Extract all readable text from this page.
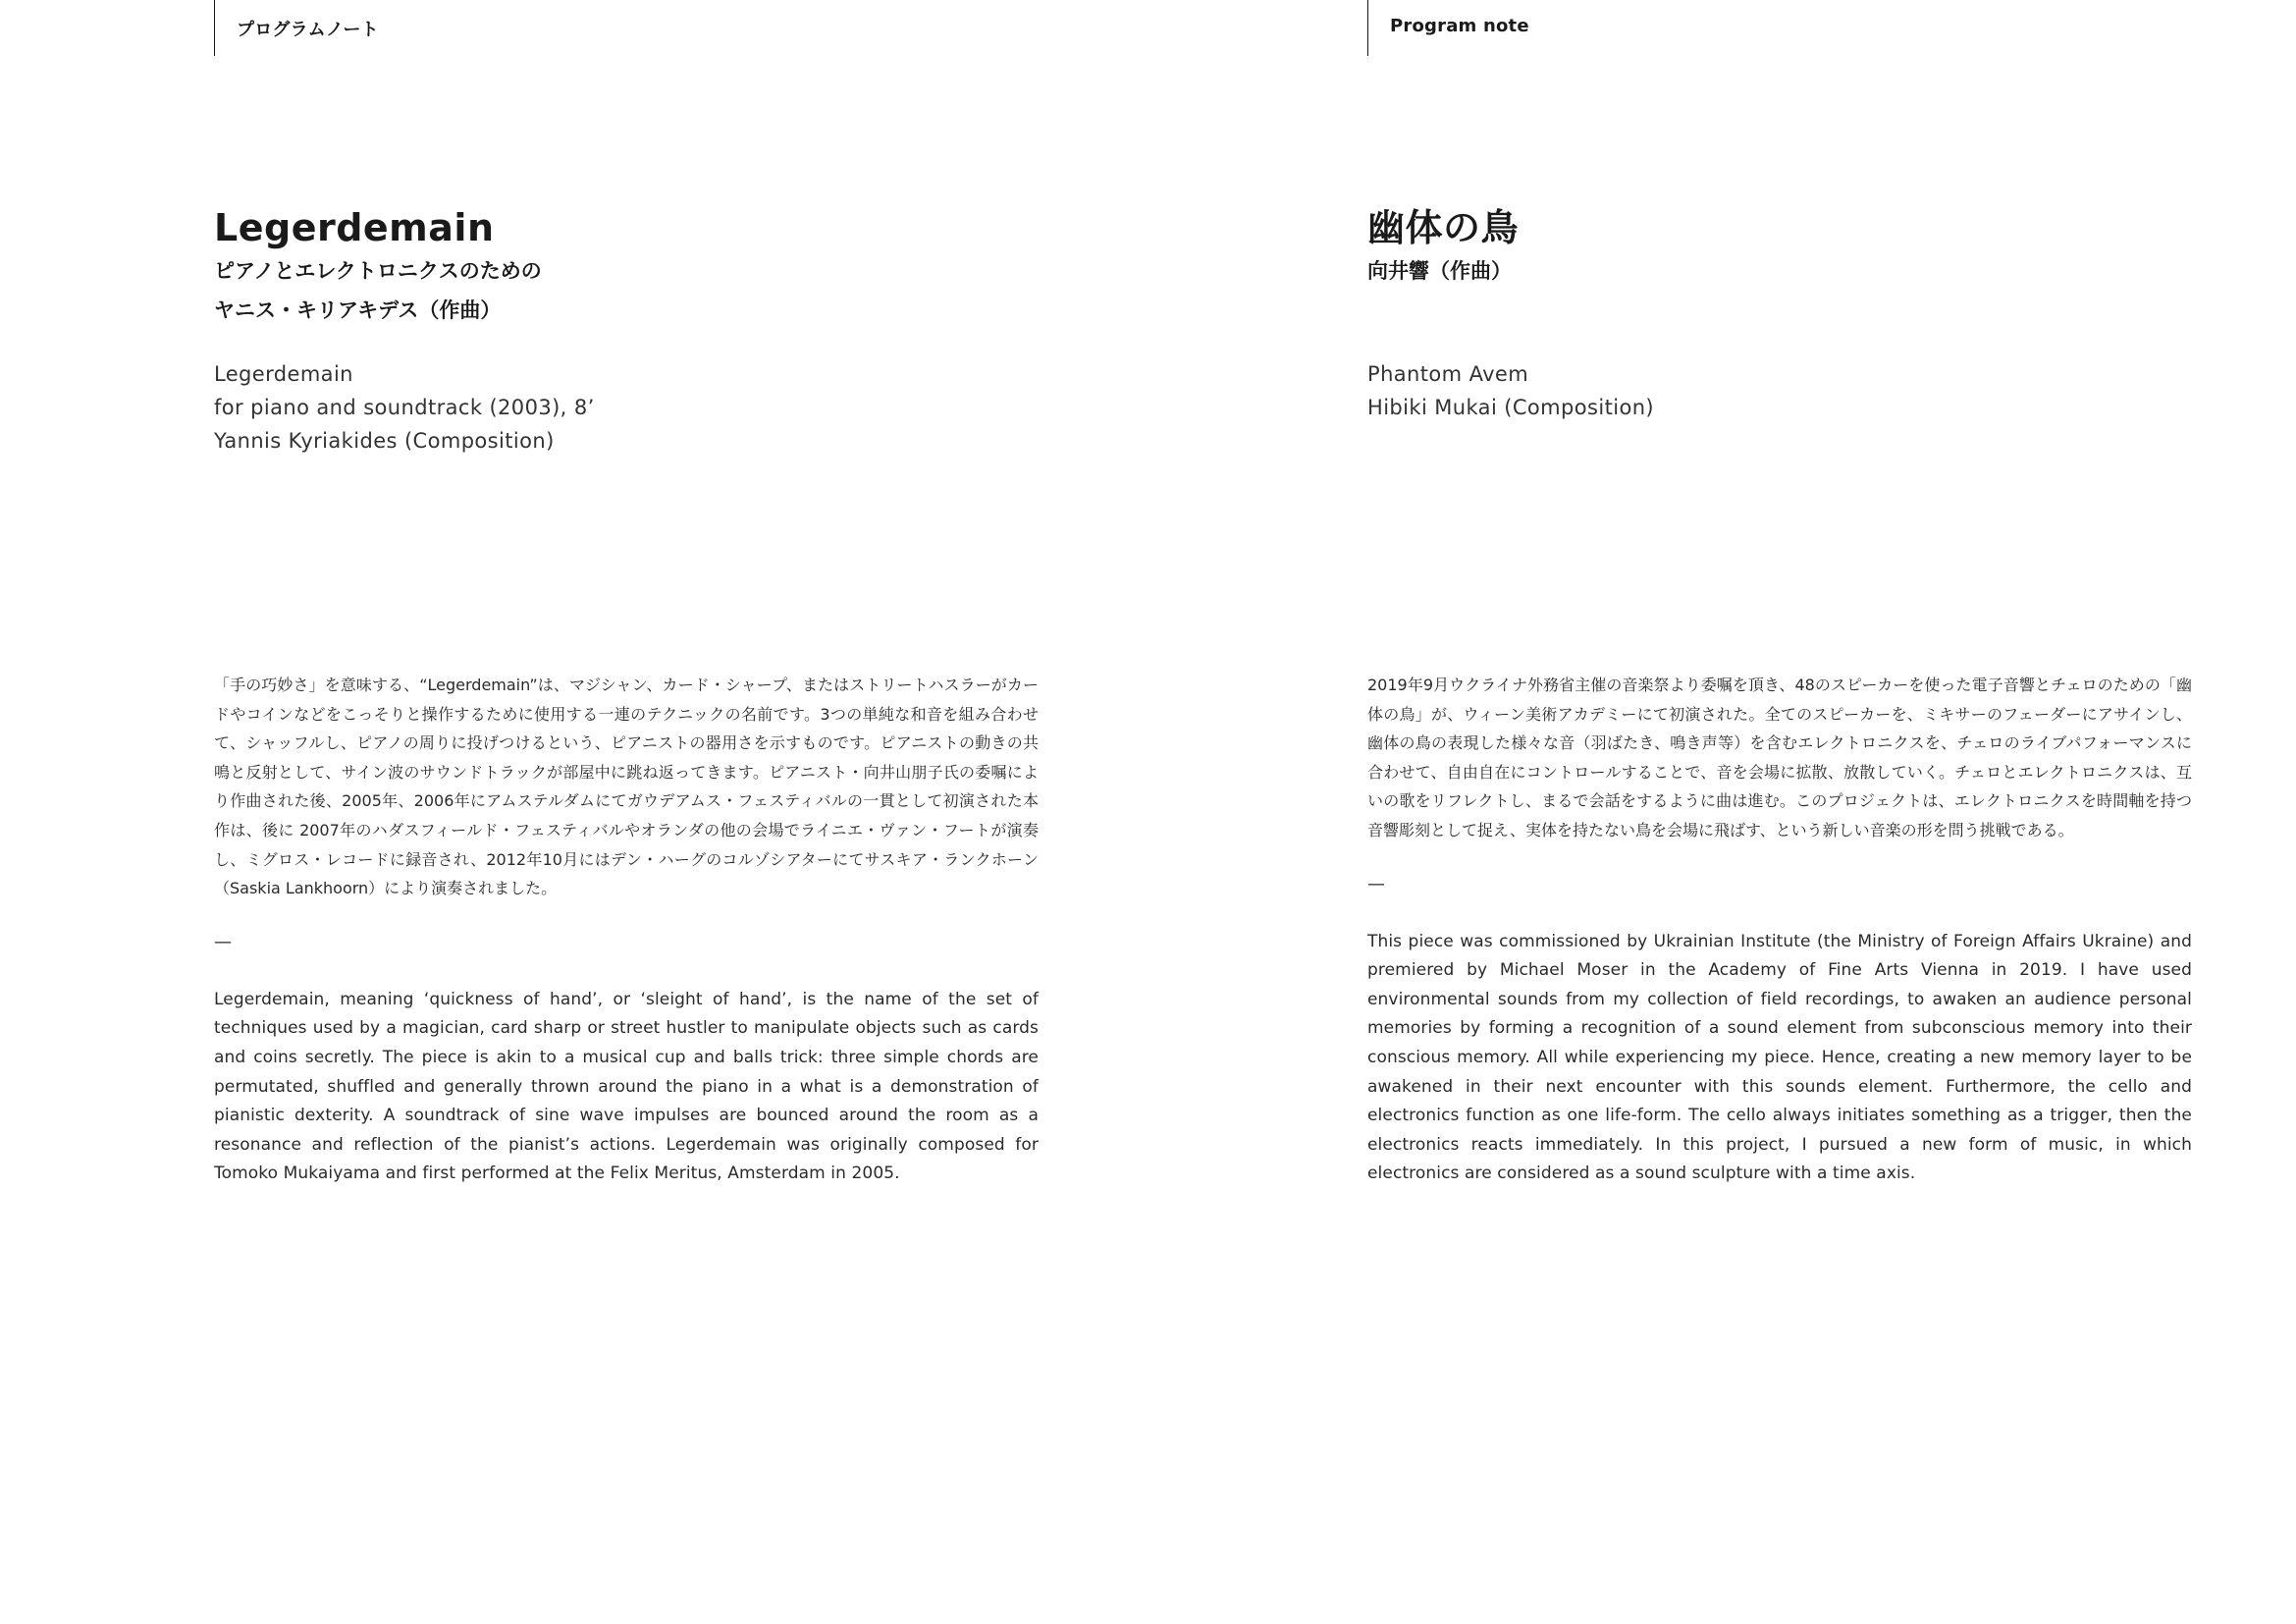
プログラムノート
Legerdemain

ピアノとエレクトロニクスのための

ヤニス・キリアキデス（作曲）

Legerdemain
for piano and soundtrack (2003), 8’
Yannis Kyriakides (Composition)

「手の巧妙さ」を意味する、“Legerdemain”は、マジシャン、カード・シャープ、またはストリートハスラーがカードやコインなどをこっそりと操作するために使用する一連のテクニックの名前です。3つの単純な和音を組み合わせて、シャッフルし、ピアノの周りに投げつけるという、ピアニストの器用さを示すものです。ピアニストの動きの共鳴と反射として、サイン波のサウンドトラックが部屋中に跳ね返ってきます。ピアニスト・向井山朋子氏の委嘱により作曲された後、2005年、2006年にアムステルダムにてガウデアムス・フェスティバルの一貫として初演された本作は、後に 2007年のハダスフィールド・フェスティバルやオランダの他の会場でライニエ・ヴァン・フートが演奏し、ミグロス・レコードに録音され、2012年10月にはデン・ハーグのコルゾシアターにてサスキア・ランクホーン（Saskia Lankhoorn）により演奏されました。

—

Legerdemain, meaning ‘quickness of hand’, or ‘sleight of hand’, is the name of the set of techniques used by a magician, card sharp or street hustler to manipulate objects such as cards and coins secretly. The piece is akin to a musical cup and balls trick: three simple chords are permutated, shuffled and generally thrown around the piano in a what is a demonstration of pianistic dexterity. A soundtrack of sine wave impulses are bounced around the room as a resonance and reflection of the pianist’s actions. Legerdemain was originally composed for Tomoko Mukaiyama and first performed at the Felix Meritus, Amsterdam in 2005.

Program note
幽体の鳥

向井響（作曲）

Phantom Avem
Hibiki Mukai (Composition)

2019年9月ウクライナ外務省主催の音楽祭より委嘱を頂き、48のスピーカーを使った電子音響とチェロのための「幽体の鳥」が、ウィーン美術アカデミーにて初演された。全てのスピーカーを、ミキサーのフェーダーにアサインし、幽体の鳥の表現した様々な音（羽ばたき、鳴き声等）を含むエレクトロニクスを、チェロのライブパフォーマンスに合わせて、自由自在にコントロールすることで、音を会場に拡散、放散していく。チェロとエレクトロニクスは、互いの歌をリフレクトし、まるで会話をするように曲は進む。このプロジェクトは、エレクトロニクスを時間軸を持つ音響彫刻として捉え、実体を持たない鳥を会場に飛ばす、という新しい音楽の形を問う挑戦である。

—

This piece was commissioned by Ukrainian Institute (the Ministry of Foreign Affairs Ukraine) and premiered by Michael Moser in the Academy of Fine Arts Vienna in 2019. I have used environmental sounds from my collection of field recordings, to awaken an audience personal memories by forming a recognition of a sound element from subconscious memory into their conscious memory. All while experiencing my piece. Hence, creating a new memory layer to be awakened in their next encounter with this sounds element. Furthermore, the cello and electronics function as one life-form. The cello always initiates something as a trigger, then the electronics reacts immediately. In this project, I pursued a new form of music, in which electronics are considered as a sound sculpture with a time axis.
